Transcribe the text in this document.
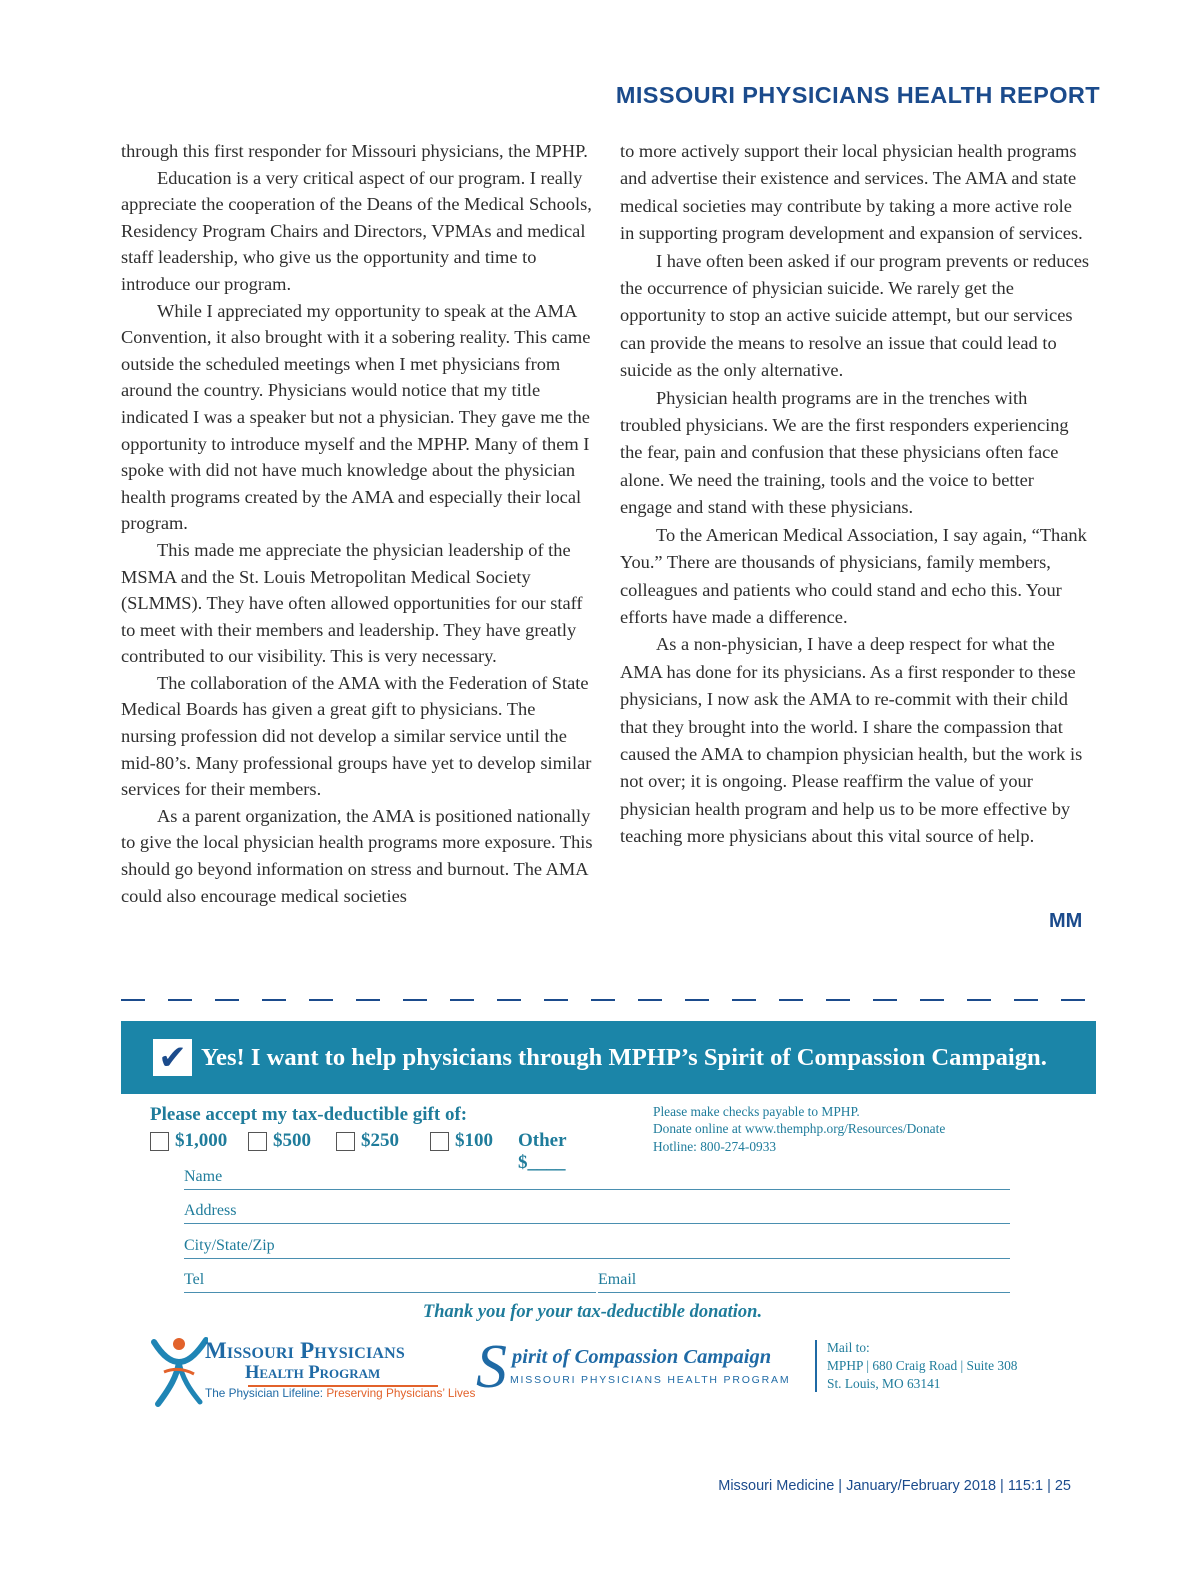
MISSOURI PHYSICIANS HEALTH REPORT

through this first responder for Missouri physicians, the MPHP.

Education is a very critical aspect of our program. I really appreciate the cooperation of the Deans of the Medical Schools, Residency Program Chairs and Directors, VPMAs and medical staff leadership, who give us the opportunity and time to introduce our program.

While I appreciated my opportunity to speak at the AMA Convention, it also brought with it a sobering reality. This came outside the scheduled meetings when I met physicians from around the country. Physicians would notice that my title indicated I was a speaker but not a physician. They gave me the opportunity to introduce myself and the MPHP. Many of them I spoke with did not have much knowledge about the physician health programs created by the AMA and especially their local program.

This made me appreciate the physician leadership of the MSMA and the St. Louis Metropolitan Medical Society (SLMMS). They have often allowed opportunities for our staff to meet with their members and leadership. They have greatly contributed to our visibility. This is very necessary.

The collaboration of the AMA with the Federation of State Medical Boards has given a great gift to physicians. The nursing profession did not develop a similar service until the mid-80’s. Many professional groups have yet to develop similar services for their members.

As a parent organization, the AMA is positioned nationally to give the local physician health programs more exposure. This should go beyond information on stress and burnout. The AMA could also encourage medical societies

to more actively support their local physician health programs and advertise their existence and services. The AMA and state medical societies may contribute by taking a more active role in supporting program development and expansion of services.

I have often been asked if our program prevents or reduces the occurrence of physician suicide. We rarely get the opportunity to stop an active suicide attempt, but our services can provide the means to resolve an issue that could lead to suicide as the only alternative.

Physician health programs are in the trenches with troubled physicians. We are the first responders experiencing the fear, pain and confusion that these physicians often face alone. We need the training, tools and the voice to better engage and stand with these physicians.

To the American Medical Association, I say again, “Thank You.” There are thousands of physicians, family members, colleagues and patients who could stand and echo this. Your efforts have made a difference.

As a non-physician, I have a deep respect for what the AMA has done for its physicians. As a first responder to these physicians, I now ask the AMA to re-commit with their child that they brought into the world. I share the compassion that caused the AMA to champion physician health, but the work is not over; it is ongoing. Please reaffirm the value of your physician health program and help us to be more effective by teaching more physicians about this vital source of help.

MM
✔ Yes! I want to help physicians through MPHP’s Spirit of Compassion Campaign.
Please accept my tax-deductible gift of:
$1,000 $500	$250	$100 Other $____
Please make checks payable to MPHP.
Donate online at www.themphp.org/Resources/Donate
Hotline: 800-274-0933
Name
Address
City/State/Zip
Tel	Email
Thank you for your tax-deductible donation.
Missouri Physicians
Health Program
The Physician Lifeline: Preserving Physicians’ Lives S pirit of Compassion Campaign
MISSOURI PHYSICIANS HEALTH PROGRAM
Mail to:
MPHP | 680 Craig Road | Suite 308
St. Louis, MO 63141
Missouri Medicine | January/February 2018 | 115:1 | 25
